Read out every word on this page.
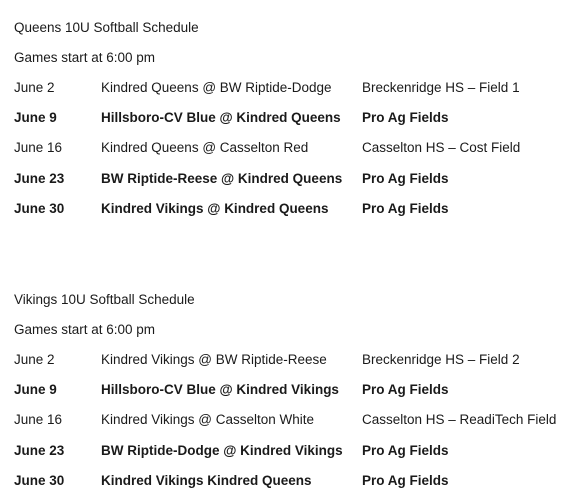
Queens 10U Softball Schedule
Games start at 6:00 pm
June 2	Kindred Queens @ BW Riptide-Dodge	Breckenridge HS – Field 1
June 9	Hillsboro-CV Blue @ Kindred Queens	Pro Ag Fields
June 16	Kindred Queens @ Casselton Red	Casselton HS – Cost Field
June 23	BW Riptide-Reese @ Kindred Queens	Pro Ag Fields
June 30	Kindred Vikings @ Kindred Queens	Pro Ag Fields
Vikings 10U Softball Schedule
Games start at 6:00 pm
June 2	Kindred Vikings @ BW Riptide-Reese	Breckenridge HS – Field 2
June 9	Hillsboro-CV Blue @ Kindred Vikings	Pro Ag Fields
June 16	Kindred Vikings @ Casselton White	Casselton HS – ReadiTech Field
June 23	BW Riptide-Dodge @ Kindred Vikings	Pro Ag Fields
June 30	Kindred Vikings Kindred Queens	Pro Ag Fields
